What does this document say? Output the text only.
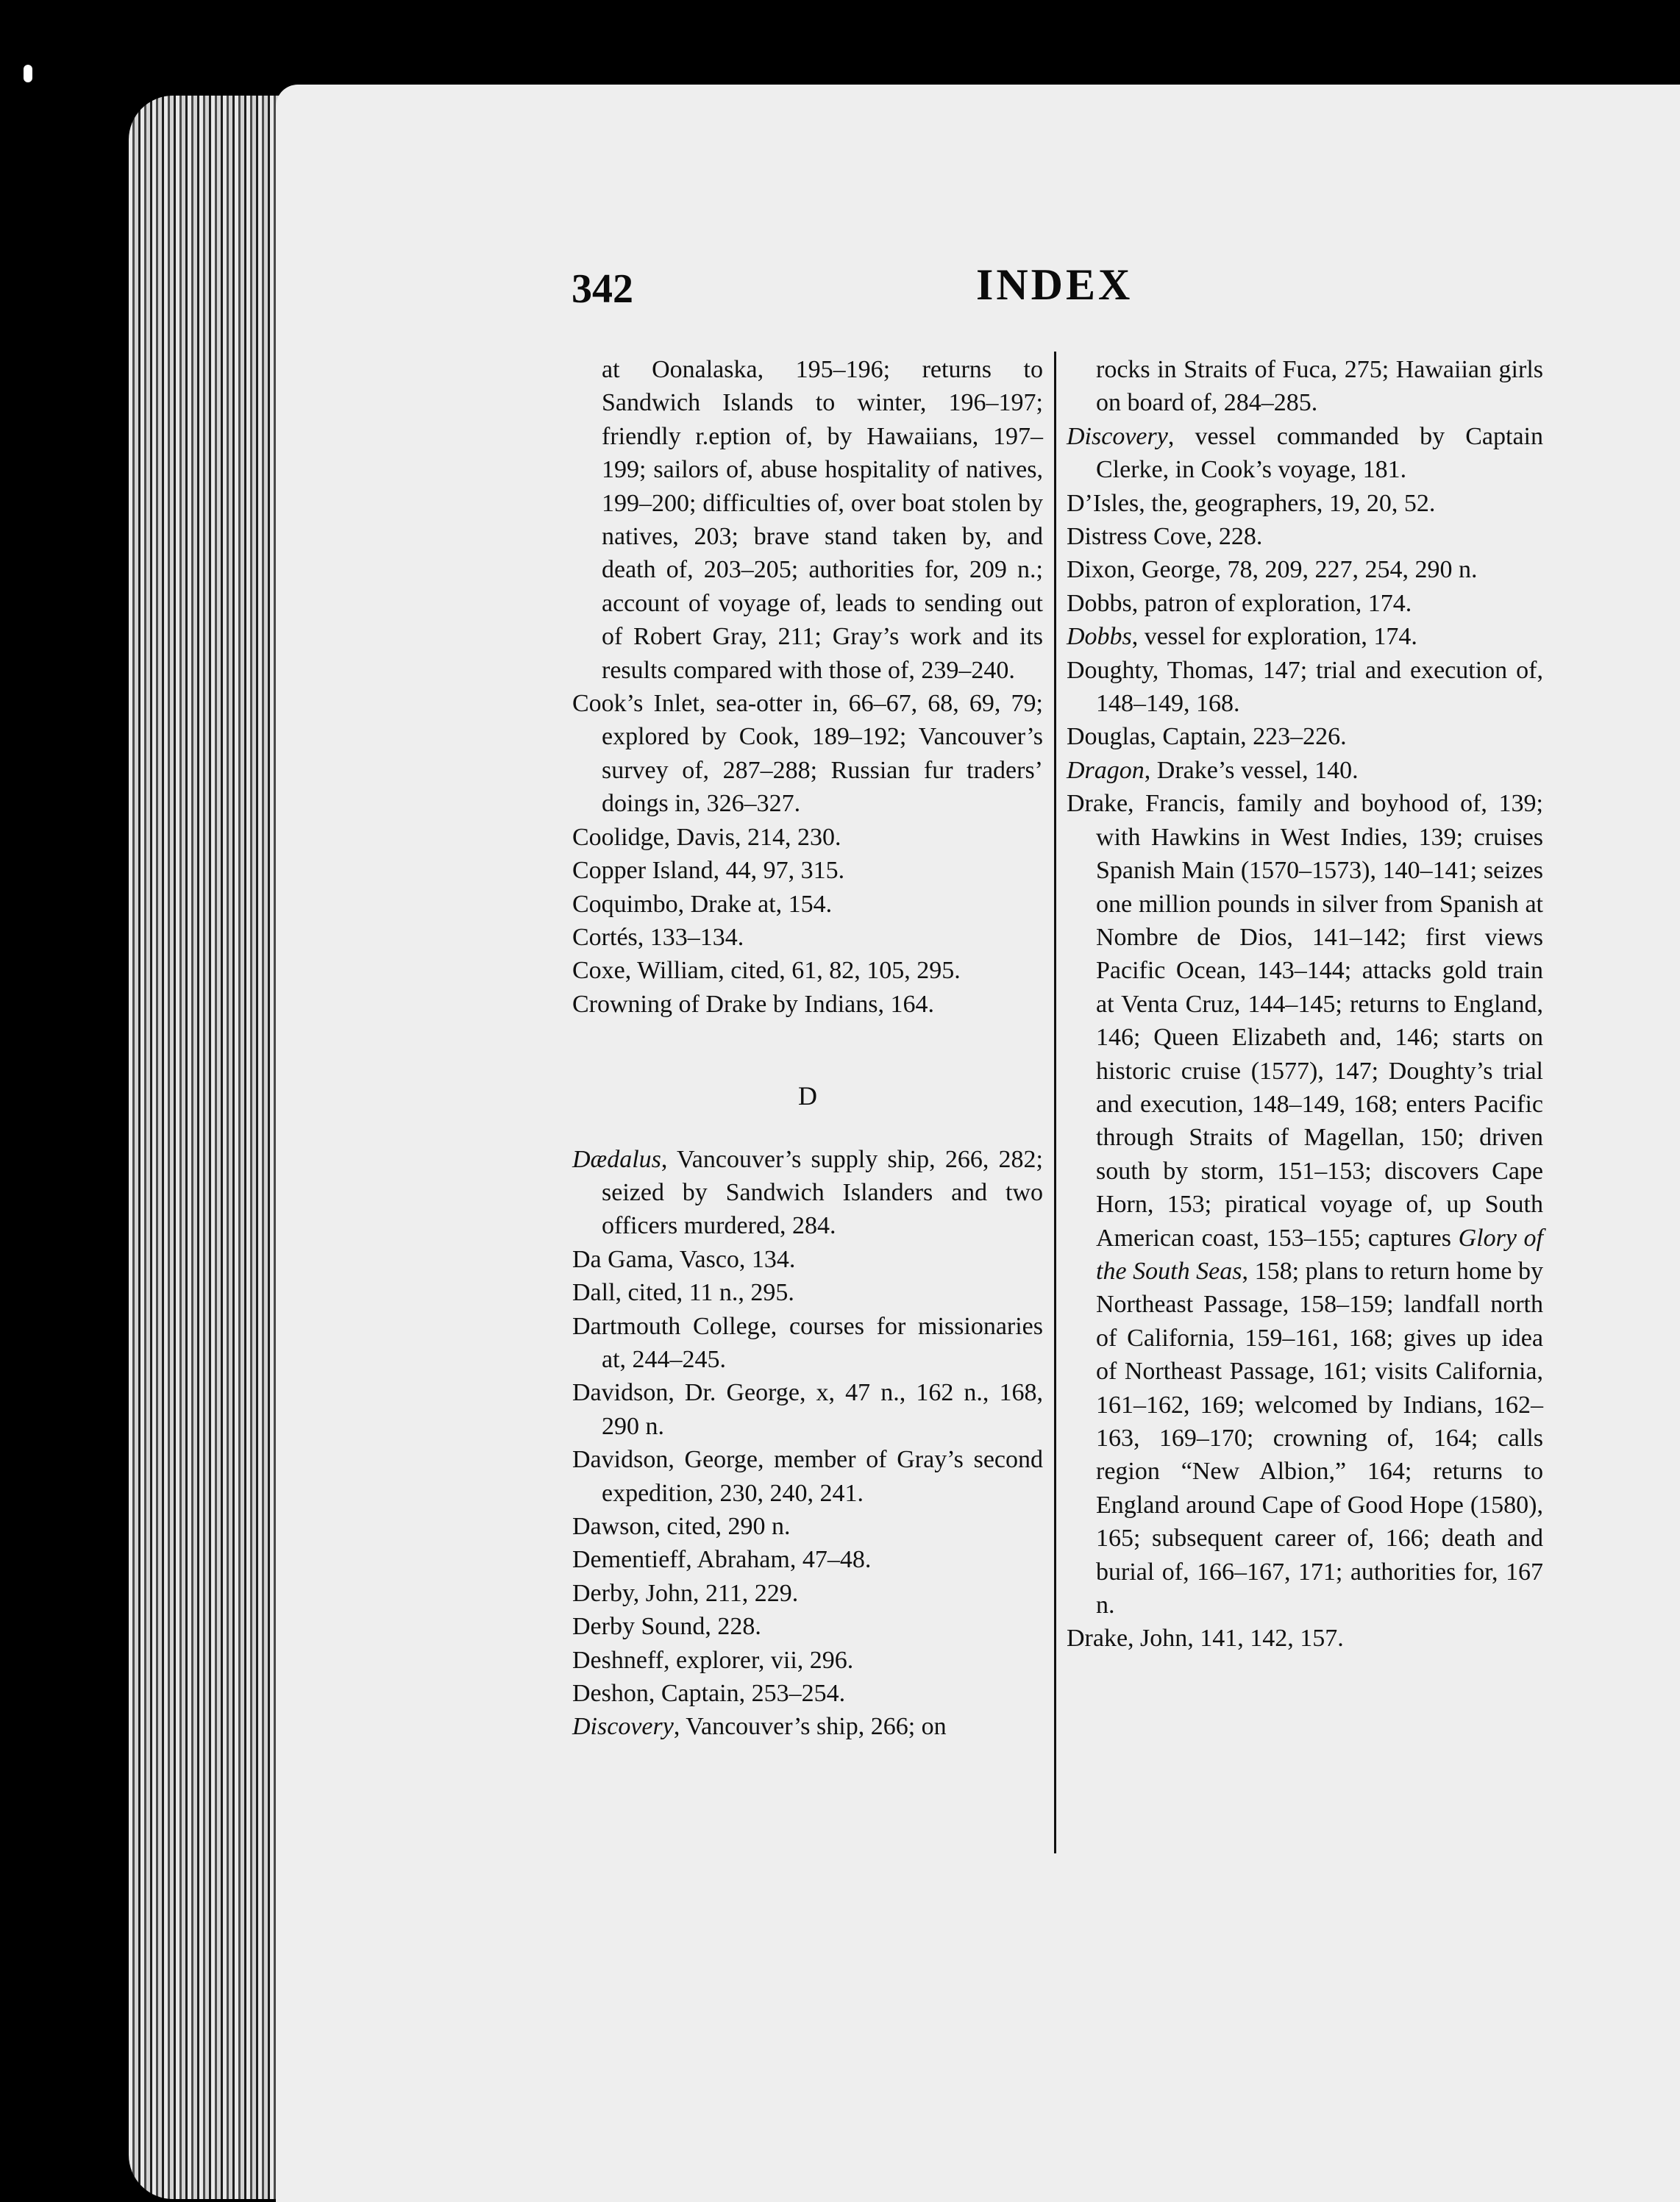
342	INDEX

at Oonalaska, 195–196; returns to Sandwich Islands to winter, 196–197; friendly r.eption of, by Hawaiians, 197–199; sailors of, abuse hospitality of natives, 199–200; difficulties of, over boat stolen by natives, 203; brave stand taken by, and death of, 203–205; authorities for, 209 n.; account of voyage of, leads to sending out of Robert Gray, 211; Gray’s work and its results compared with those of, 239–240.

Cook’s Inlet, sea-otter in, 66–67, 68, 69, 79; explored by Cook, 189–192; Vancouver’s survey of, 287–288; Russian fur traders’ doings in, 326–327.

Coolidge, Davis, 214, 230.

Copper Island, 44, 97, 315.

Coquimbo, Drake at, 154.

Cortés, 133–134.

Coxe, William, cited, 61, 82, 105, 295.

Crowning of Drake by Indians, 164.

D

Dædalus, Vancouver’s supply ship, 266, 282; seized by Sandwich Islanders and two officers murdered, 284.

Da Gama, Vasco, 134.

Dall, cited, 11 n., 295.

Dartmouth College, courses for missionaries at, 244–245.

Davidson, Dr. George, x, 47 n., 162 n., 168, 290 n.

Davidson, George, member of Gray’s second expedition, 230, 240, 241.

Dawson, cited, 290 n.

Dementieff, Abraham, 47–48.

Derby, John, 211, 229.

Derby Sound, 228.

Deshneff, explorer, vii, 296.

Deshon, Captain, 253–254.

Discovery, Vancouver’s ship, 266; on

rocks in Straits of Fuca, 275; Hawaiian girls on board of, 284–285.

Discovery, vessel commanded by Captain Clerke, in Cook’s voyage, 181.

D’Isles, the, geographers, 19, 20, 52.

Distress Cove, 228.

Dixon, George, 78, 209, 227, 254, 290 n.

Dobbs, patron of exploration, 174.

Dobbs, vessel for exploration, 174.

Doughty, Thomas, 147; trial and execution of, 148–149, 168.

Douglas, Captain, 223–226.

Dragon, Drake’s vessel, 140.

Drake, Francis, family and boyhood of, 139; with Hawkins in West Indies, 139; cruises Spanish Main (1570–1573), 140–141; seizes one million pounds in silver from Spanish at Nombre de Dios, 141–142; first views Pacific Ocean, 143–144; attacks gold train at Venta Cruz, 144–145; returns to England, 146; Queen Elizabeth and, 146; starts on historic cruise (1577), 147; Doughty’s trial and execution, 148–149, 168; enters Pacific through Straits of Magellan, 150; driven south by storm, 151–153; discovers Cape Horn, 153; piratical voyage of, up South American coast, 153–155; captures Glory of the South Seas, 158; plans to return home by Northeast Passage, 158–159; landfall north of California, 159–161, 168; gives up idea of Northeast Passage, 161; visits California, 161–162, 169; welcomed by Indians, 162–163, 169–170; crowning of, 164; calls region “New Albion,” 164; returns to England around Cape of Good Hope (1580), 165; subsequent career of, 166; death and burial of, 166–167, 171; authorities for, 167 n.

Drake, John, 141, 142, 157.
